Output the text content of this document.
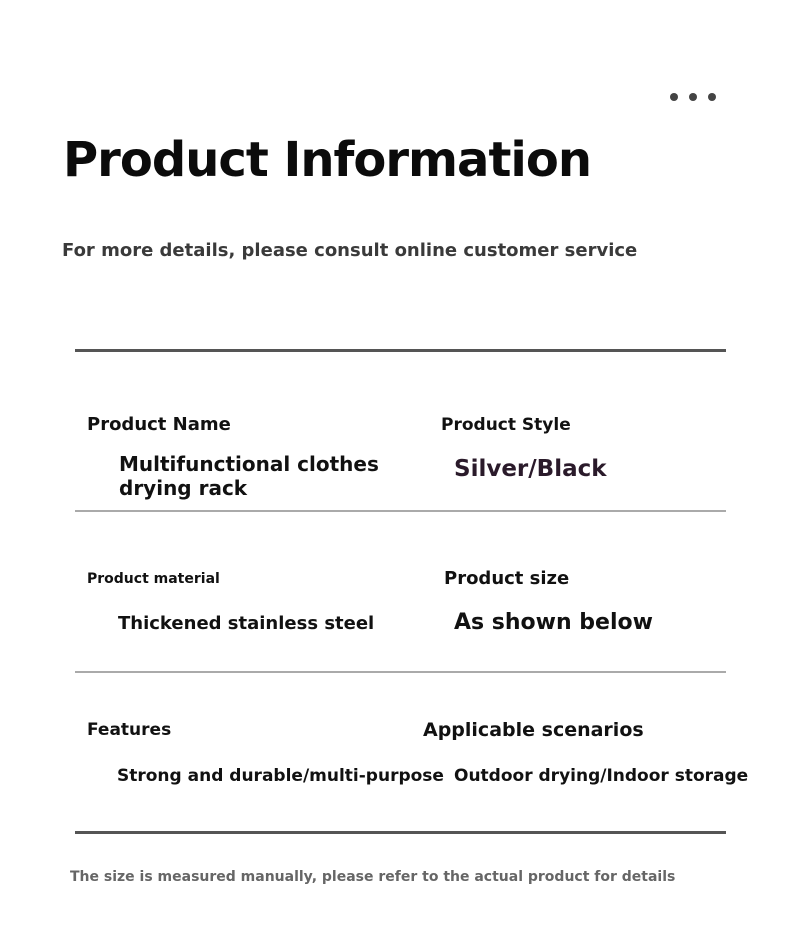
Product Information
For more details, please consult online customer service
Product Name
Multifunctional clothes
drying rack
Product Style
Silver/Black
Product material
Thickened stainless steel
Product size
As shown below
Features
Strong and durable/multi-purpose
Applicable scenarios
Outdoor drying/Indoor storage
The size is measured manually, please refer to the actual product for details
